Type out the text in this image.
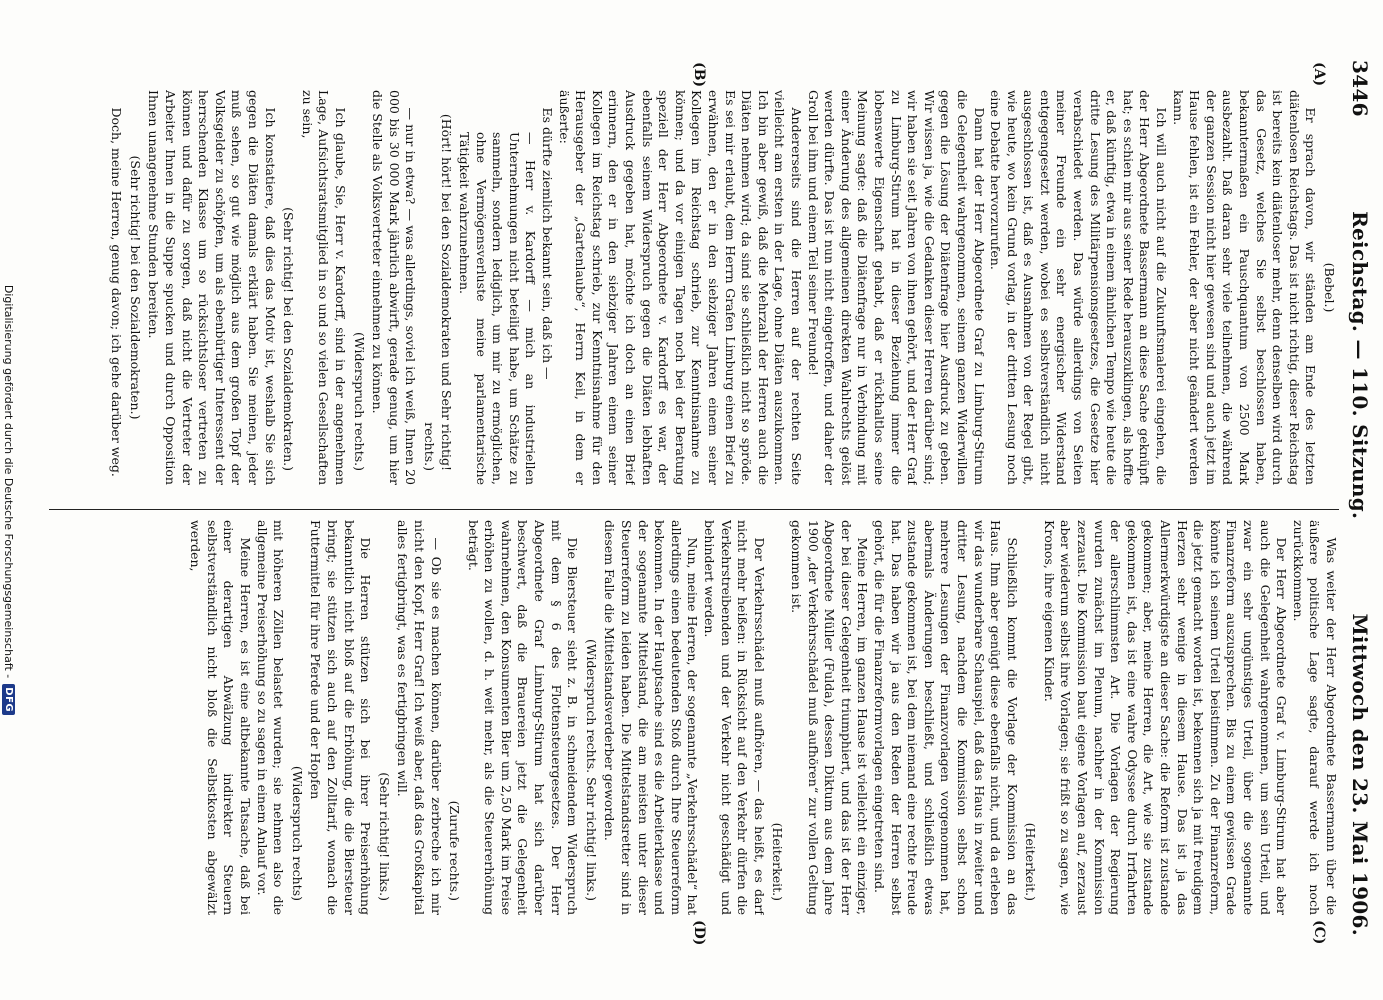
3446
Reichstag. — 110. Sitzung.
Mittwoch den 23. Mai 1906.
(A)
(B)
(C)
(D)

(Bebel.)

Er sprach davon, wir ständen am Ende des letzten diätenlosen Reichstags. Das ist nicht richtig, dieser Reichstag ist bereits kein diätenloser mehr, denn denselben wird durch das Gesetz, welches Sie selbst beschlossen haben, bekanntermaßen ein Pauschquantum von 2500 Mark ausbezahlt. Daß daran sehr viele teilnehmen, die während der ganzen Session nicht hier gewesen sind und auch jetzt im Hause fehlen, ist ein Fehler, der aber nicht geändert werden kann.

Ich will auch nicht auf die Zukunftsmalerei eingehen, die der Herr Abgeordnete Bassermann an diese Sache geknüpft hat; es schien mir aus seiner Rede herauszuklingen, als hoffte er, daß künftig, etwa in einem ähnlichen Tempo wie heute die dritte Lesung des Militärpensionsgesetzes, die Gesetze hier verabschiedet werden. Das würde allerdings von Seiten meiner Freunde ein sehr energischer Widerstand entgegengesetzt werden, wobei es selbstverständlich nicht ausgeschlossen ist, daß es Ausnahmen von der Regel gibt, wie heute, wo kein Grund vorlag, in der dritten Lesung noch eine Debatte hervorzurufen.

Dann hat der Herr Abgeordnete Graf zu Limburg-Stirum die Gelegenheit wahrgenommen, seinem ganzen Widerwillen gegen die Lösung der Diätenfrage hier Ausdruck zu geben. Wir wissen ja, wie die Gedanken dieser Herren darüber sind; wir haben sie seit Jahren von ihnen gehört, und der Herr Graf zu Limburg-Stirum hat in dieser Beziehung immer die lobenswerte Eigenschaft gehabt, daß er rückhaltlos seine Meinung sagte: daß die Diätenfrage nur in Verbindung mit einer Änderung des allgemeinen direkten Wahlrechts gelöst werden dürfte. Das ist nun nicht eingetroffen, und daher der Groll bei ihm und einem Teil seiner Freunde!

Andererseits sind die Herren auf der rechten Seite vielleicht am ersten in der Lage, ohne Diäten auszukommen. Ich bin aber gewiß, daß die Mehrzahl der Herren auch die Diäten nehmen wird; da sind sie schließlich nicht so spröde. Es sei mir erlaubt, dem Herrn Grafen Limburg einen Brief zu erwähnen, den er in den siebziger Jahren einem seiner Kollegen im Reichstag schrieb, zur Kenntnisnahme zu können; und da vor einigen Tagen noch bei der Beratung speziell der Herr Abgeordnete v. Kardorff es war, der ebenfalls seinem Widerspruch gegen die Diäten lebhaften Ausdruck gegeben hat, möchte ich doch an einen Brief erinnern, den er in den siebziger Jahren einem seiner Kollegen im Reichstag schrieb, zur Kenntnisnahme für den Herausgeber der „Gartenlaube“, Herrn Keil, in dem er äußerte:

Es dürfte ziemlich bekannt sein, daß ich —

— Herr v. Kardorff — mich an industriellen Unternehmungen nicht beteiligt habe, um Schätze zu sammeln, sondern lediglich, um mir zu ermöglichen, ohne Vermögensverluste meine parlamentarische Tätigkeit wahrzunehmen.

(Hört! hört! bei den Sozialdemokraten und Sehr richtig! rechts.)

— nur in etwa? — was allerdings, soviel ich weiß, Ihnen 20 000 bis 30 000 Mark jährlich abwirft, gerade genug, um hier die Stelle als Volksvertreter einnehmen zu können.

(Widerspruch rechts.)

Ich glaube, Sie, Herr v. Kardorff, sind in der angenehmen Lage, Aufsichtsratsmitglied in so und so vielen Gesellschaften zu sein,

(Sehr richtig! bei den Sozialdemokraten.)

Ich konstatiere, daß dies das Motiv ist, weshalb Sie sich gegen die Diäten damals erklärt haben. Sie meinen, jeder muß sehen, so gut wie möglich aus dem großen Topf der Volksgelder zu schöpfen, um als ebenbürtiger Interessent der herrschenden Klasse um so rücksichtsloser vertreten zu können und dafür zu sorgen, daß nicht die Vertreter der Arbeiter Ihnen in die Suppe spucken und durch Opposition Ihnen unangenehme Stunden bereiten.

(Sehr richtig! bei den Sozialdemokraten.)

Doch, meine Herren, genug davon; ich gehe darüber weg.

Was weiter der Herr Abgeordnete Bassermann über die äußere politische Lage sagte, darauf werde ich noch zurückkommen.

Der Herr Abgeordnete Graf v. Limburg-Stirum hat aber auch die Gelegenheit wahrgenommen, um sein Urteil, und zwar ein sehr ungünstiges Urteil, über die sogenannte Finanzreform auszusprechen. Bis zu einem gewissen Grade könnte ich seinem Urteil beistimmen. Zu der Finanzreform, die jetzt gemacht worden ist, bekennen sich ja mit freudigem Herzen sehr wenige in diesem Hause. Das ist ja das Allermerkwürdigste an dieser Sache: die Reform ist zustande gekommen; aber, meine Herren, die Art, wie sie zustande gekommen ist, das ist eine wahre Odyssee durch Irrfahrten der allerschlimmsten Art. Die Vorlagen der Regierung wurden zunächst im Plenum, nachher in der Kommission zerzaust. Die Kommission baut eigene Vorlagen auf, zerzaust aber wiederum selbst ihre Vorlagen; sie frißt so zu sagen, wie Kronos, ihre eigenen Kinder.

(Heiterkeit.)

Schließlich kommt die Vorlage der Kommission an das Haus. Ihm aber genügt diese ebenfalls nicht, und da erleben wir das wunderbare Schauspiel, daß das Haus in zweiter und dritter Lesung, nachdem die Kommission selbst schon mehrere Lesungen der Finanzvorlagen vorgenommen hat, abermals Änderungen beschließt, und schließlich etwas zustande gekommen ist, bei dem niemand eine rechte Freude hat. Das haben wir ja aus den Reden der Herren selbst gehört, die für die Finanzreformvorlagen eingetreten sind.

Meine Herren, im ganzen Hause ist vielleicht ein einziger, der bei dieser Gelegenheit triumphiert, und das ist der Herr Abgeordnete Müller (Fulda), dessen Diktum aus dem Jahre 1900 „der Verkehrsschädel muß aufhören“ zur vollen Geltung gekommen ist.

(Heiterkeit.)

Der Verkehrsschädel muß aufhören, — das heißt, es darf nicht mehr heißen: in Rücksicht auf den Verkehr dürfen die Verkehrstreibenden und der Verkehr nicht geschädigt und behindert werden.

Nun, meine Herren, der sogenannte „Verkehrsschädel“ hat allerdings einen bedeutenden Stoß durch Ihre Steuerreform bekommen. In der Hauptsache sind es die Arbeiterklasse und der sogenannte Mittelstand, die am meisten unter dieser Steuerreform zu leiden haben. Die Mittelstandsretter sind in diesem Falle die Mittelstandsverderber geworden.

(Widerspruch rechts. Sehr richtig! links.)

Die Biersteuer sieht z. B. in schneidendem Widerspruch mit dem § 6 des Flottensteuergesetzes. Der Herr Abgeordnete Graf Limburg-Stirum hat sich darüber beschwert, daß die Brauereien jetzt die Gelegenheit wahrnehmen, den Konsumenten Bier um 2,50 Mark im Preise erhöhen zu wollen, d. h. weit mehr, als die Steuererhöhung beträgt.

(Zurufe rechts.)

— Ob sie es machen können, darüber zerbreche ich mir nicht den Kopf, Herr Graf! Ich weiß aber, daß das Großkapital alles fertigbringt, was es fertigbringen will.

(Sehr richtig! links.)

Die Herren stützen sich bei ihrer Preiserhöhung bekanntlich nicht bloß auf die Erhöhung, die die Biersteuer bringt; sie stützen sich auch auf den Zolltarif, wonach die Futtermittel für ihre Pferde und der Hopfen

(Widerspruch rechts)

mit höheren Zöllen belastet wurden; sie nehmen also die allgemeine Preiserhöhung so zu sagen in einem Anlauf vor.

Meine Herren, es ist eine altbekannte Tatsache, daß bei einer derartigen Abwälzung indirekter Steuern selbstverständlich nicht bloß die Selbstkosten abgewälzt werden,

Digitalisierung gefördert durch die Deutsche Forschungsgemeinschaft -
DFG
